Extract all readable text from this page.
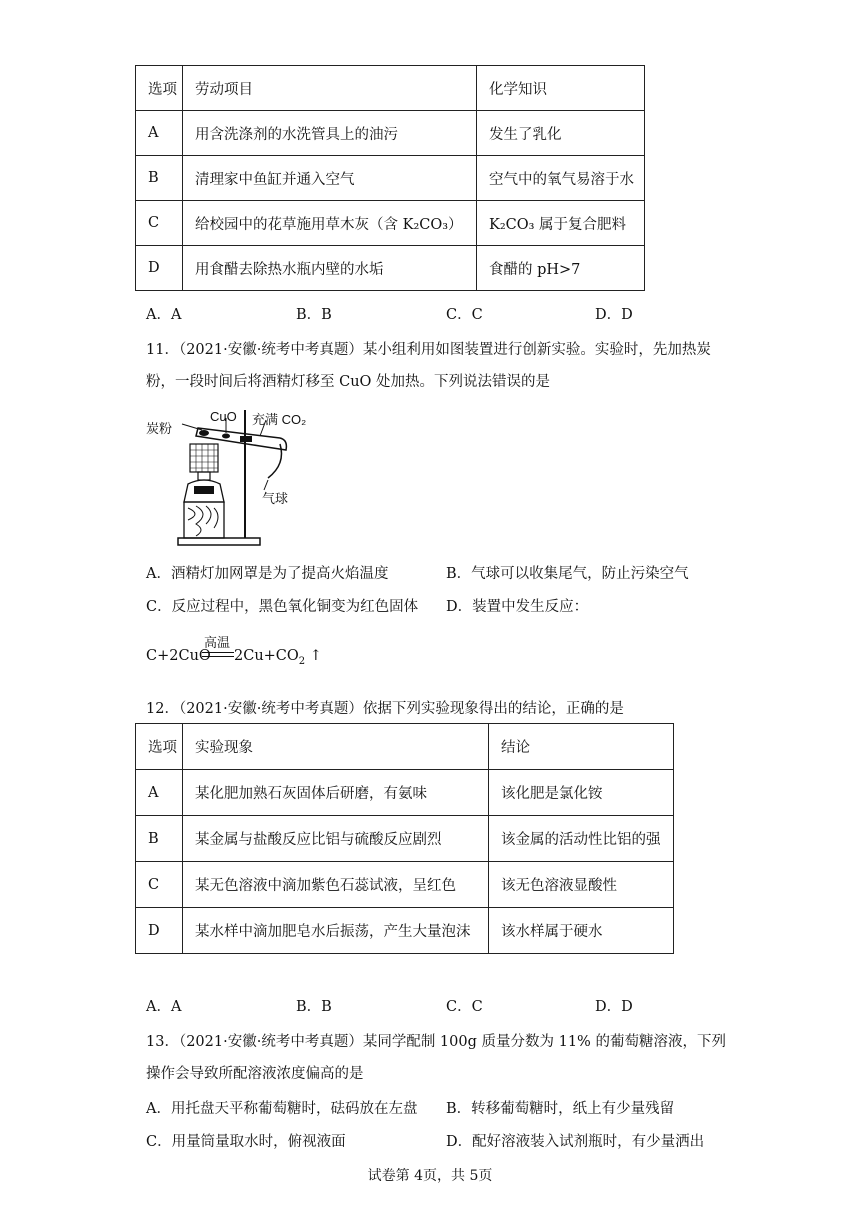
选项	劳动项目	化学知识
A	用含洗涤剂的水洗管具上的油污	发生了乳化
B	清理家中鱼缸并通入空气	空气中的氧气易溶于水
C	给校园中的花草施用草木灰（含 K₂CO₃）	K₂CO₃ 属于复合肥料
D	用食醋去除热水瓶内壁的水垢	食醋的 pH>7
A．A	B．B	C．C	D．D
11．（2021·安徽·统考中考真题）某小组利用如图装置进行创新实验。实验时，先加热炭
粉，一段时间后将酒精灯移至 CuO 处加热。下列说法错误的是
CuO 充满 CO₂
炭粉
气球
A．酒精灯加网罩是为了提高火焰温度	B．气球可以收集尾气，防止污染空气
C．反应过程中，黑色氧化铜变为红色固体 D．装置中发生反应：
C+2CuO
高温
$2Cu+CO_2$ ↑
12．（2021·安徽·统考中考真题）依据下列实验现象得出的结论，正确的是
选项	实验现象	结论
A	某化肥加熟石灰固体后研磨，有氨味	该化肥是氯化铵
B	某金属与盐酸反应比铝与硫酸反应剧烈	该金属的活动性比铝的强
C	某无色溶液中滴加紫色石蕊试液，呈红色	该无色溶液显酸性
D	某水样中滴加肥皂水后振荡，产生大量泡沫	该水样属于硬水
A．A	B．B	C．C	D．D
13．（2021·安徽·统考中考真题）某同学配制 100g 质量分数为 11% 的葡萄糖溶液，下列
操作会导致所配溶液浓度偏高的是
A．用托盘天平称葡萄糖时，砝码放在左盘 B．转移葡萄糖时，纸上有少量残留
C．用量筒量取水时，俯视液面	D．配好溶液装入试剂瓶时，有少量洒出
试卷第 4页，共 5页
